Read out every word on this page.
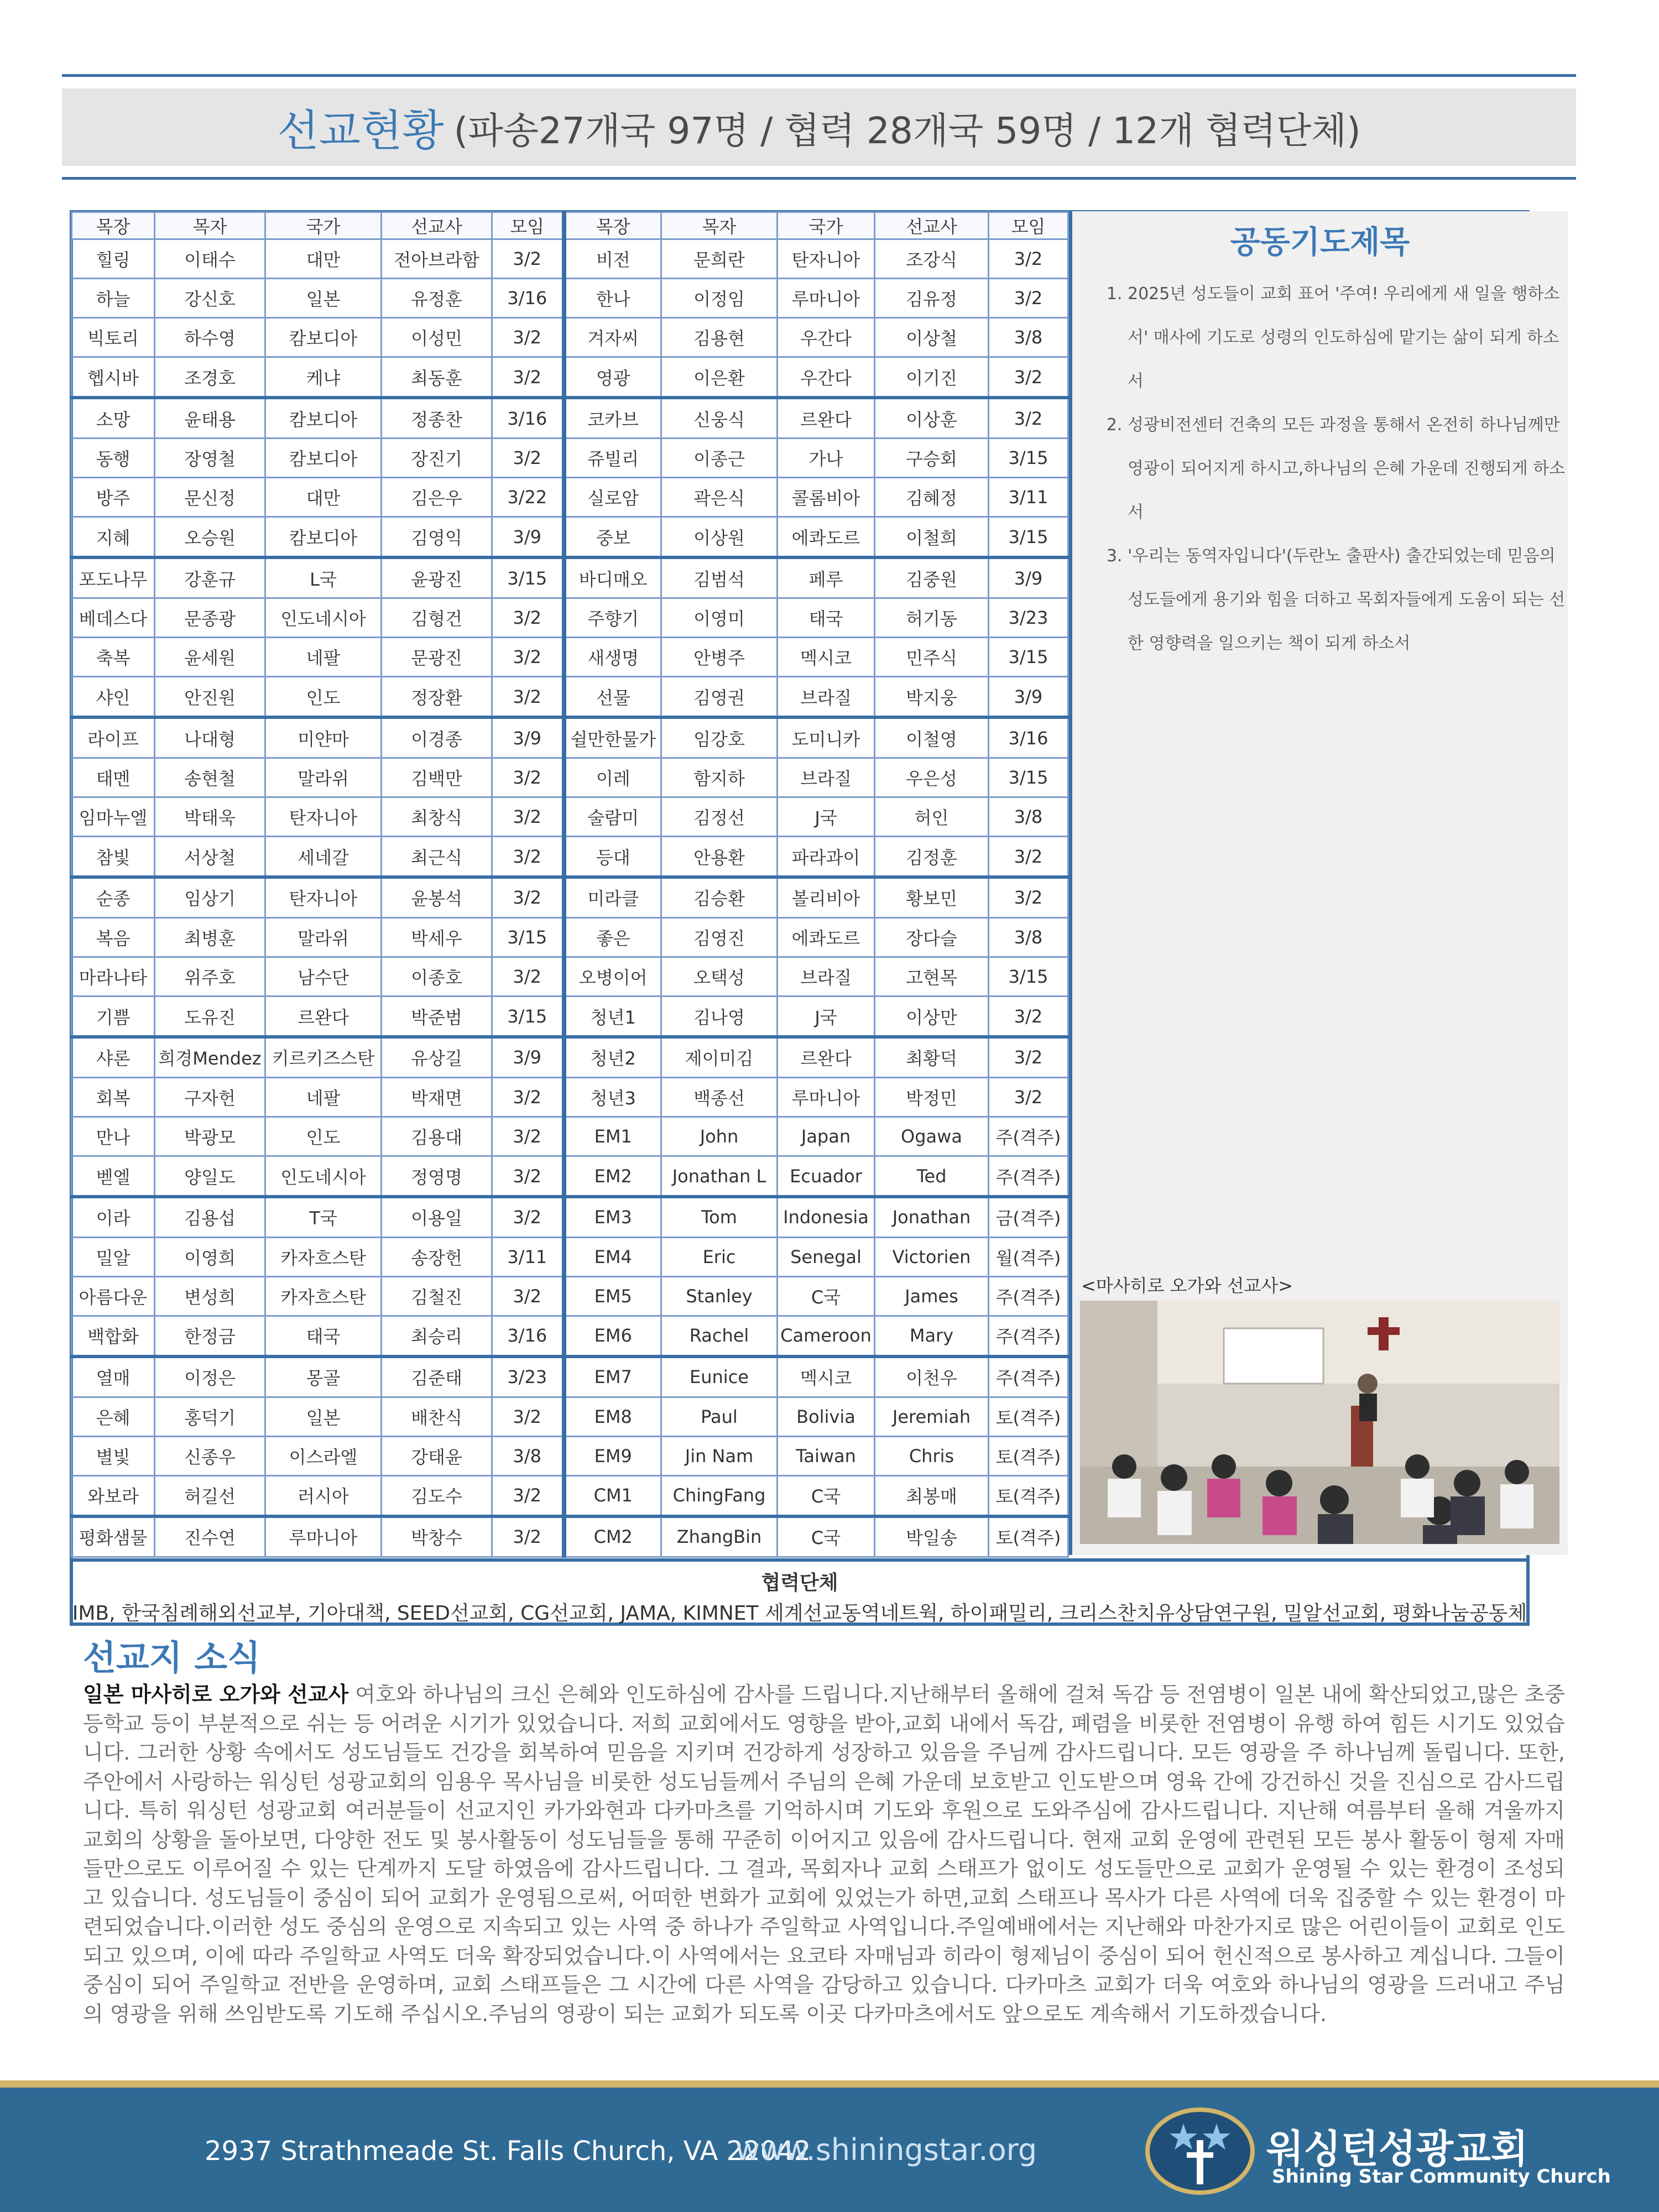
선교현황 (파송27개국 97명 / 협력 28개국 59명 / 12개 협력단체)
목장	목자	국가	선교사	모임	목장	목자	국가	선교사	모임
힐링	이태수	대만	전아브라함	3/2	비전	문희란	탄자니아	조강식	3/2
하늘	강신호	일본	유정훈	3/16	한나	이정임	루마니아	김유정	3/2
빅토리	하수영	캄보디아	이성민	3/2	겨자씨	김용현	우간다	이상철	3/8
헵시바	조경호	케냐	최동훈	3/2	영광	이은환	우간다	이기진	3/2
소망	윤태용	캄보디아	정종찬	3/16	코카브	신웅식	르완다	이상훈	3/2
동행	장영철	캄보디아	장진기	3/2	쥬빌리	이종근	가나	구승회	3/15
방주	문신정	대만	김은우	3/22	실로암	곽은식	콜롬비아	김혜정	3/11
지혜	오승원	캄보디아	김영익	3/9	중보	이상원	에콰도르	이철희	3/15
포도나무	강훈규	L국	윤광진	3/15	바디매오	김범석	페루	김중원	3/9
베데스다	문종광	인도네시아	김형건	3/2	주향기	이영미	태국	허기동	3/23
축복	윤세원	네팔	문광진	3/2	새생명	안병주	멕시코	민주식	3/15
샤인	안진원	인도	정장환	3/2	선물	김영권	브라질	박지웅	3/9
라이프	나대형	미얀마	이경종	3/9	쉴만한물가	임강호	도미니카	이철영	3/16
태멘	송현철	말라위	김백만	3/2	이레	함지하	브라질	우은성	3/15
임마누엘	박태욱	탄자니아	최창식	3/2	술람미	김정선	J국	허인	3/8
참빛	서상철	세네갈	최근식	3/2	등대	안용환	파라과이	김정훈	3/2
순종	임상기	탄자니아	윤봉석	3/2	미라클	김승환	볼리비아	황보민	3/2
복음	최병훈	말라위	박세우	3/15	좋은	김영진	에콰도르	장다슬	3/8
마라나타	위주호	남수단	이종호	3/2	오병이어	오택성	브라질	고현목	3/15
기쁨	도유진	르완다	박준범	3/15	청년1	김나영	J국	이상만	3/2
샤론	희경Mendez	키르키즈스탄	유상길	3/9	청년2	제이미김	르완다	최황덕	3/2
회복	구자헌	네팔	박재면	3/2	청년3	백종선	루마니아	박정민	3/2
만나	박광모	인도	김용대	3/2	EM1	John	Japan	Ogawa	주(격주)
벧엘	양일도	인도네시아	정영명	3/2	EM2	Jonathan L	Ecuador	Ted	주(격주)
이라	김용섭	T국	이용일	3/2	EM3	Tom	Indonesia	Jonathan	금(격주)
밀알	이영희	카자흐스탄	송장헌	3/11	EM4	Eric	Senegal	Victorien	월(격주)
아름다운	변성희	카자흐스탄	김철진	3/2	EM5	Stanley	C국	James	주(격주)
백합화	한정금	태국	최승리	3/16	EM6	Rachel	Cameroon	Mary	주(격주)
열매	이정은	몽골	김준태	3/23	EM7	Eunice	멕시코	이천우	주(격주)
은혜	홍덕기	일본	배찬식	3/2	EM8	Paul	Bolivia	Jeremiah	토(격주)
별빛	신종우	이스라엘	강태윤	3/8	EM9	Jin Nam	Taiwan	Chris	토(격주)
와보라	허길선	러시아	김도수	3/2	CM1	ChingFang	C국	최봉매	토(격주)
평화샘물	진수연	루마니아	박창수	3/2	CM2	ZhangBin	C국	박일송	토(격주)
공동기도제목
1. 2025년 성도들이 교회 표어 '주여! 우리에게 새 일을 행하소서' 매사에 기도로 성령의 인도하심에 맡기는 삶이 되게 하소서
2. 성광비전센터 건축의 모든 과정을 통해서 온전히 하나님께만 영광이 되어지게 하시고,하나님의 은혜 가운데 진행되게 하소서
3. '우리는 동역자입니다'(두란노 출판사) 출간되었는데 믿음의 성도들에게 용기와 힘을 더하고 목회자들에게 도움이 되는 선한 영향력을 일으키는 책이 되게 하소서
<마사히로 오가와 선교사>
협력단체
IMB, 한국침례해외선교부, 기아대책, SEED선교회, CG선교회, JAMA, KIMNET 세계선교동역네트웍, 하이패밀리, 크리스찬치유상담연구원, 밀알선교회, 평화나눔공동체
선교지 소식
일본 마사히로 오가와 선교사 여호와 하나님의 크신 은혜와 인도하심에 감사를 드립니다.지난해부터 올해에 걸쳐 독감 등 전염병이 일본 내에 확산되었고,많은 초중등학교 등이 부분적으로 쉬는 등 어려운 시기가 있었습니다. 저희 교회에서도 영향을 받아,교회 내에서 독감, 폐렴을 비롯한 전염병이 유행 하여 힘든 시기도 있었습니다. 그러한 상황 속에서도 성도님들도 건강을 회복하여 믿음을 지키며 건강하게 성장하고 있음을 주님께 감사드립니다. 모든 영광을 주 하나님께 돌립니다. 또한, 주안에서 사랑하는 워싱턴 성광교회의 임용우 목사님을 비롯한 성도님들께서 주님의 은혜 가운데 보호받고 인도받으며 영육 간에 강건하신 것을 진심으로 감사드립니다. 특히 워싱턴 성광교회 여러분들이 선교지인 카가와현과 다카마츠를 기억하시며 기도와 후원으로 도와주심에 감사드립니다. 지난해 여름부터 올해 겨울까지 교회의 상황을 돌아보면, 다양한 전도 및 봉사활동이 성도님들을 통해 꾸준히 이어지고 있음에 감사드립니다. 현재 교회 운영에 관련된 모든 봉사 활동이 형제 자매들만으로도 이루어질 수 있는 단계까지 도달 하였음에 감사드립니다. 그 결과, 목회자나 교회 스태프가 없이도 성도들만으로 교회가 운영될 수 있는 환경이 조성되고 있습니다. 성도님들이 중심이 되어 교회가 운영됨으로써, 어떠한 변화가 교회에 있었는가 하면,교회 스태프나 목사가 다른 사역에 더욱 집중할 수 있는 환경이 마련되었습니다.이러한 성도 중심의 운영으로 지속되고 있는 사역 중 하나가 주일학교 사역입니다.주일예배에서는 지난해와 마찬가지로 많은 어린이들이 교회로 인도되고 있으며, 이에 따라 주일학교 사역도 더욱 확장되었습니다.이 사역에서는 요코타 자매님과 히라이 형제님이 중심이 되어 헌신적으로 봉사하고 계십니다. 그들이 중심이 되어 주일학교 전반을 운영하며, 교회 스태프들은 그 시간에 다른 사역을 감당하고 있습니다. 다카마츠 교회가 더욱 여호와 하나님의 영광을 드러내고 주님의 영광을 위해 쓰임받도록 기도해 주십시오.주님의 영광이 되는 교회가 되도록 이곳 다카마츠에서도 앞으로도 계속해서 기도하겠습니다.
2937 Strathmeade St. Falls Church, VA 22042
www.shiningstar.org	워싱턴성광교회
Shining Star Community Church
